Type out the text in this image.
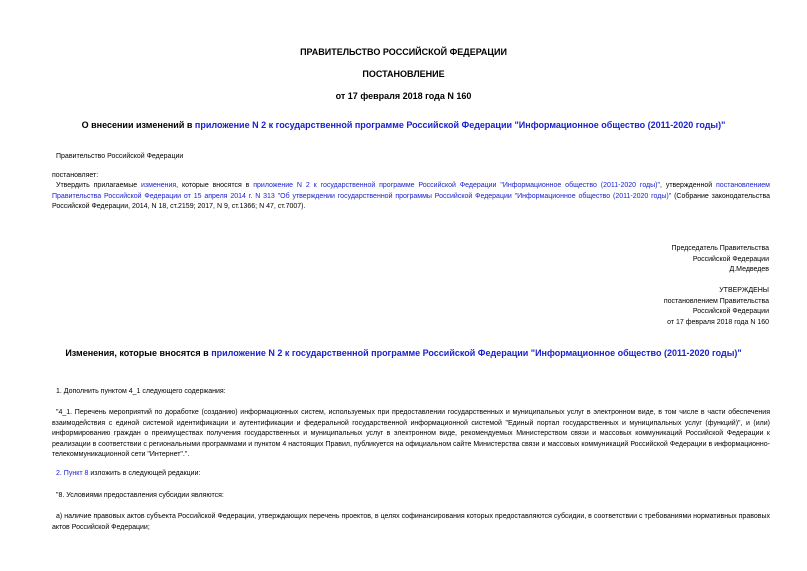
ПРАВИТЕЛЬСТВО РОССИЙСКОЙ ФЕДЕРАЦИИ
ПОСТАНОВЛЕНИЕ
от 17 февраля 2018 года N 160
О внесении изменений в приложение N 2 к государственной программе Российской Федерации "Информационное общество (2011-2020 годы)"
Правительство Российской Федерации
постановляет:
Утвердить прилагаемые изменения, которые вносятся в приложение N 2 к государственной программе Российской Федерации "Информационное общество (2011-2020 годы)", утвержденной постановлением Правительства Российской Федерации от 15 апреля 2014 г. N 313 "Об утверждении государственной программы Российской Федерации "Информационное общество (2011-2020 годы)" (Собрание законодательства Российской Федерации, 2014, N 18, ст.2159; 2017, N 9, ст.1366; N 47, ст.7007).
Председатель Правительства
Российской Федерации
Д.Медведев
УТВЕРЖДЕНЫ
постановлением Правительства
Российской Федерации
от 17 февраля 2018 года N 160
Изменения, которые вносятся в приложение N 2 к государственной программе Российской Федерации "Информационное общество (2011-2020 годы)"
1. Дополнить пунктом 4_1 следующего содержания:
"4_1. Перечень мероприятий по доработке (созданию) информационных систем, используемых при предоставлении государственных и муниципальных услуг в электронном виде, в том числе в части обеспечения взаимодействия с единой системой идентификации и аутентификации и федеральной государственной информационной системой "Единый портал государственных и муниципальных услуг (функций)", и (или) информированию граждан о преимуществах получения государственных и муниципальных услуг в электронном виде, рекомендуемых Министерством связи и массовых коммуникаций Российской Федерации к реализации в соответствии с региональными программами и пунктом 4 настоящих Правил, публикуется на официальном сайте Министерства связи и массовых коммуникаций Российской Федерации в информационно-телекоммуникационной сети "Интернет".".
2. Пункт 8 изложить в следующей редакции:
"8. Условиями предоставления субсидии являются:
а) наличие правовых актов субъекта Российской Федерации, утверждающих перечень проектов, в целях софинансирования которых предоставляются субсидии, в соответствии с требованиями нормативных правовых актов Российской Федерации;
